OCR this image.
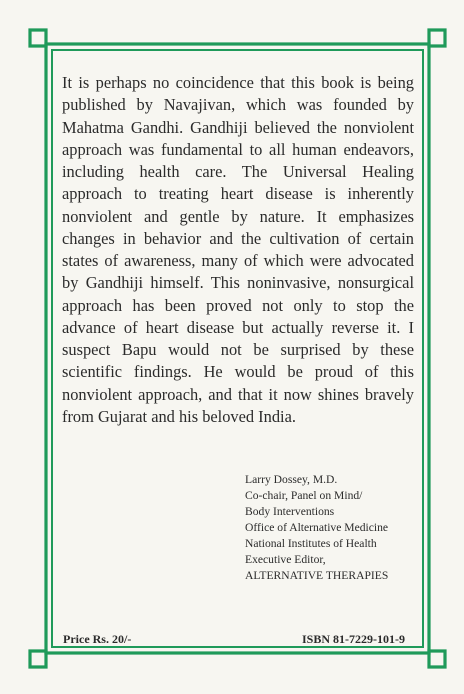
It is perhaps no coincidence that this book is being published by Navajivan, which was founded by Mahatma Gandhi. Gandhiji believed the nonviolent approach was fundamental to all human endeavors, including health care. The Universal Healing approach to treating heart disease is inherently nonviolent and gentle by nature. It emphasizes changes in behavior and the cultivation of certain states of awareness, many of which were advocated by Gandhiji himself. This noninvasive, nonsurgical approach has been proved not only to stop the advance of heart disease but actually reverse it. I suspect Bapu would not be surprised by these scientific findings. He would be proud of this nonviolent approach, and that it now shines bravely from Gujarat and his beloved India.

Larry Dossey, M.D.
Co-chair, Panel on Mind/
Body Interventions
Office of Alternative Medicine
National Institutes of Health
Executive Editor,
ALTERNATIVE THERAPIES
Price Rs. 20/-	ISBN 81-7229-101-9
